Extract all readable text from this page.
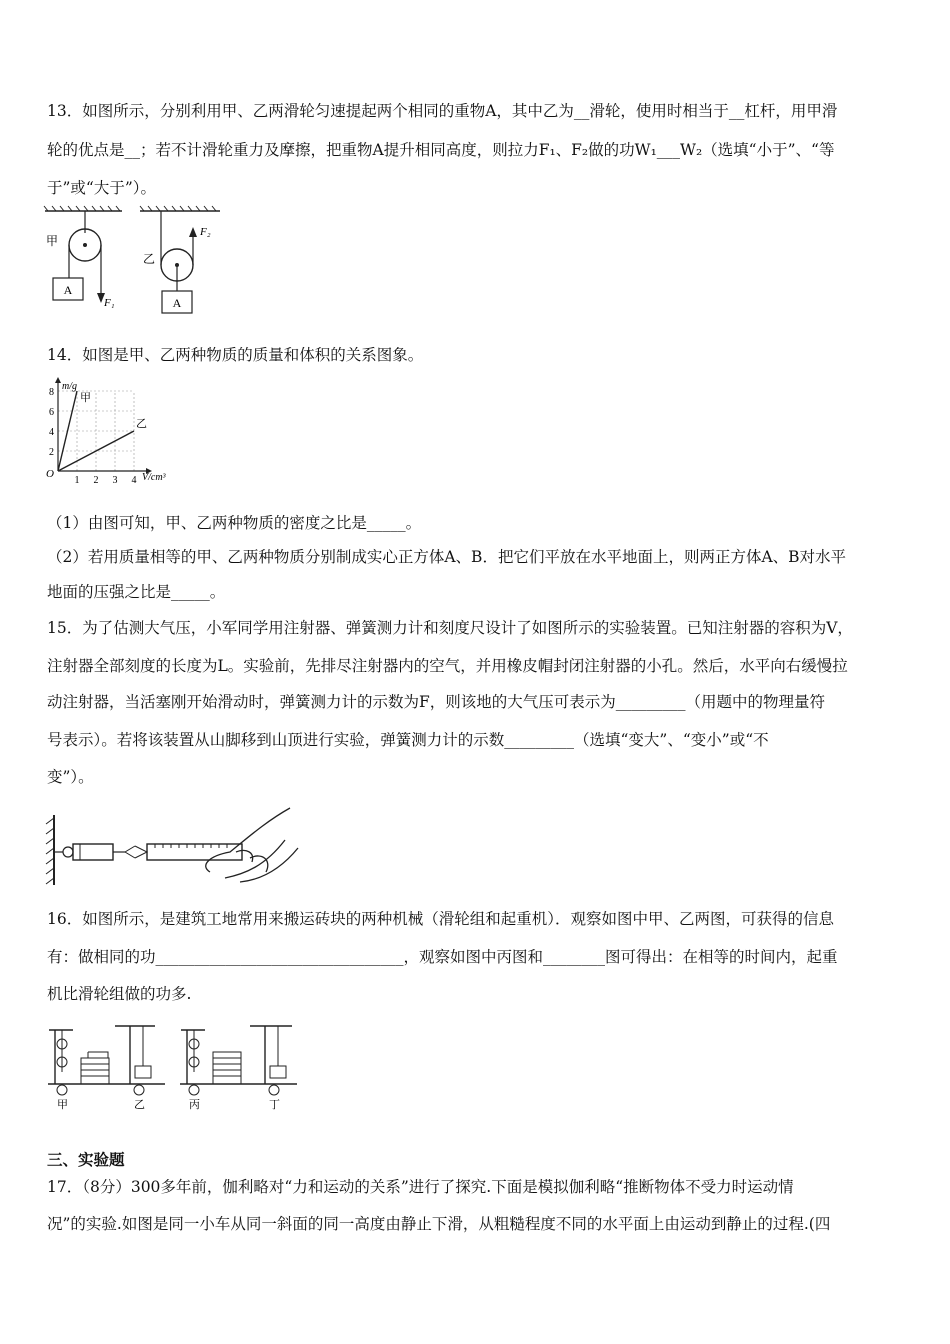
13．如图所示，分别利用甲、乙两滑轮匀速提起两个相同的重物A，其中乙为__滑轮，使用时相当于__杠杆，用甲滑
轮的优点是__；若不计滑轮重力及摩擦，把重物A提升相同高度，则拉力F₁、F₂做的功W₁___W₂（选填“小于”、“等
于”或“大于”）。
A
甲
F₁	A
乙
F₂
14．如图是甲、乙两种物质的质量和体积的关系图象。
1 2 3 4
2
4
6
8 甲
乙
O	V/cm³
m/g
（1）由图可知，甲、乙两种物质的密度之比是_____。
（2）若用质量相等的甲、乙两种物质分别制成实心正方体A、B．把它们平放在水平地面上，则两正方体A、B对水平
地面的压强之比是_____。
15．为了估测大气压，小军同学用注射器、弹簧测力计和刻度尺设计了如图所示的实验装置。已知注射器的容积为V，
注射器全部刻度的长度为L。实验前，先排尽注射器内的空气，并用橡皮帽封闭注射器的小孔。然后，水平向右缓慢拉
动注射器，当活塞刚开始滑动时，弹簧测力计的示数为F，则该地的大气压可表示为_________（用题中的物理量符
号表示）。若将该装置从山脚移到山顶进行实验，弹簧测力计的示数_________（选填“变大”、“变小”或“不
变”）。
16．如图所示，是建筑工地常用来搬运砖块的两种机械（滑轮组和起重机）．观察如图中甲、乙两图，可获得的信息
有：做相同的功________________________________，观察如图中丙图和________图可得出：在相等的时间内，起重
机比滑轮组做的功多.
甲	乙	丙	丁
三、实验题
17．（8分）300多年前，伽利略对“力和运动的关系”进行了探究.下面是模拟伽利略“推断物体不受力时运动情
况”的实验.如图是同一小车从同一斜面的同一高度由静止下滑，从粗糙程度不同的水平面上由运动到静止的过程.(四
